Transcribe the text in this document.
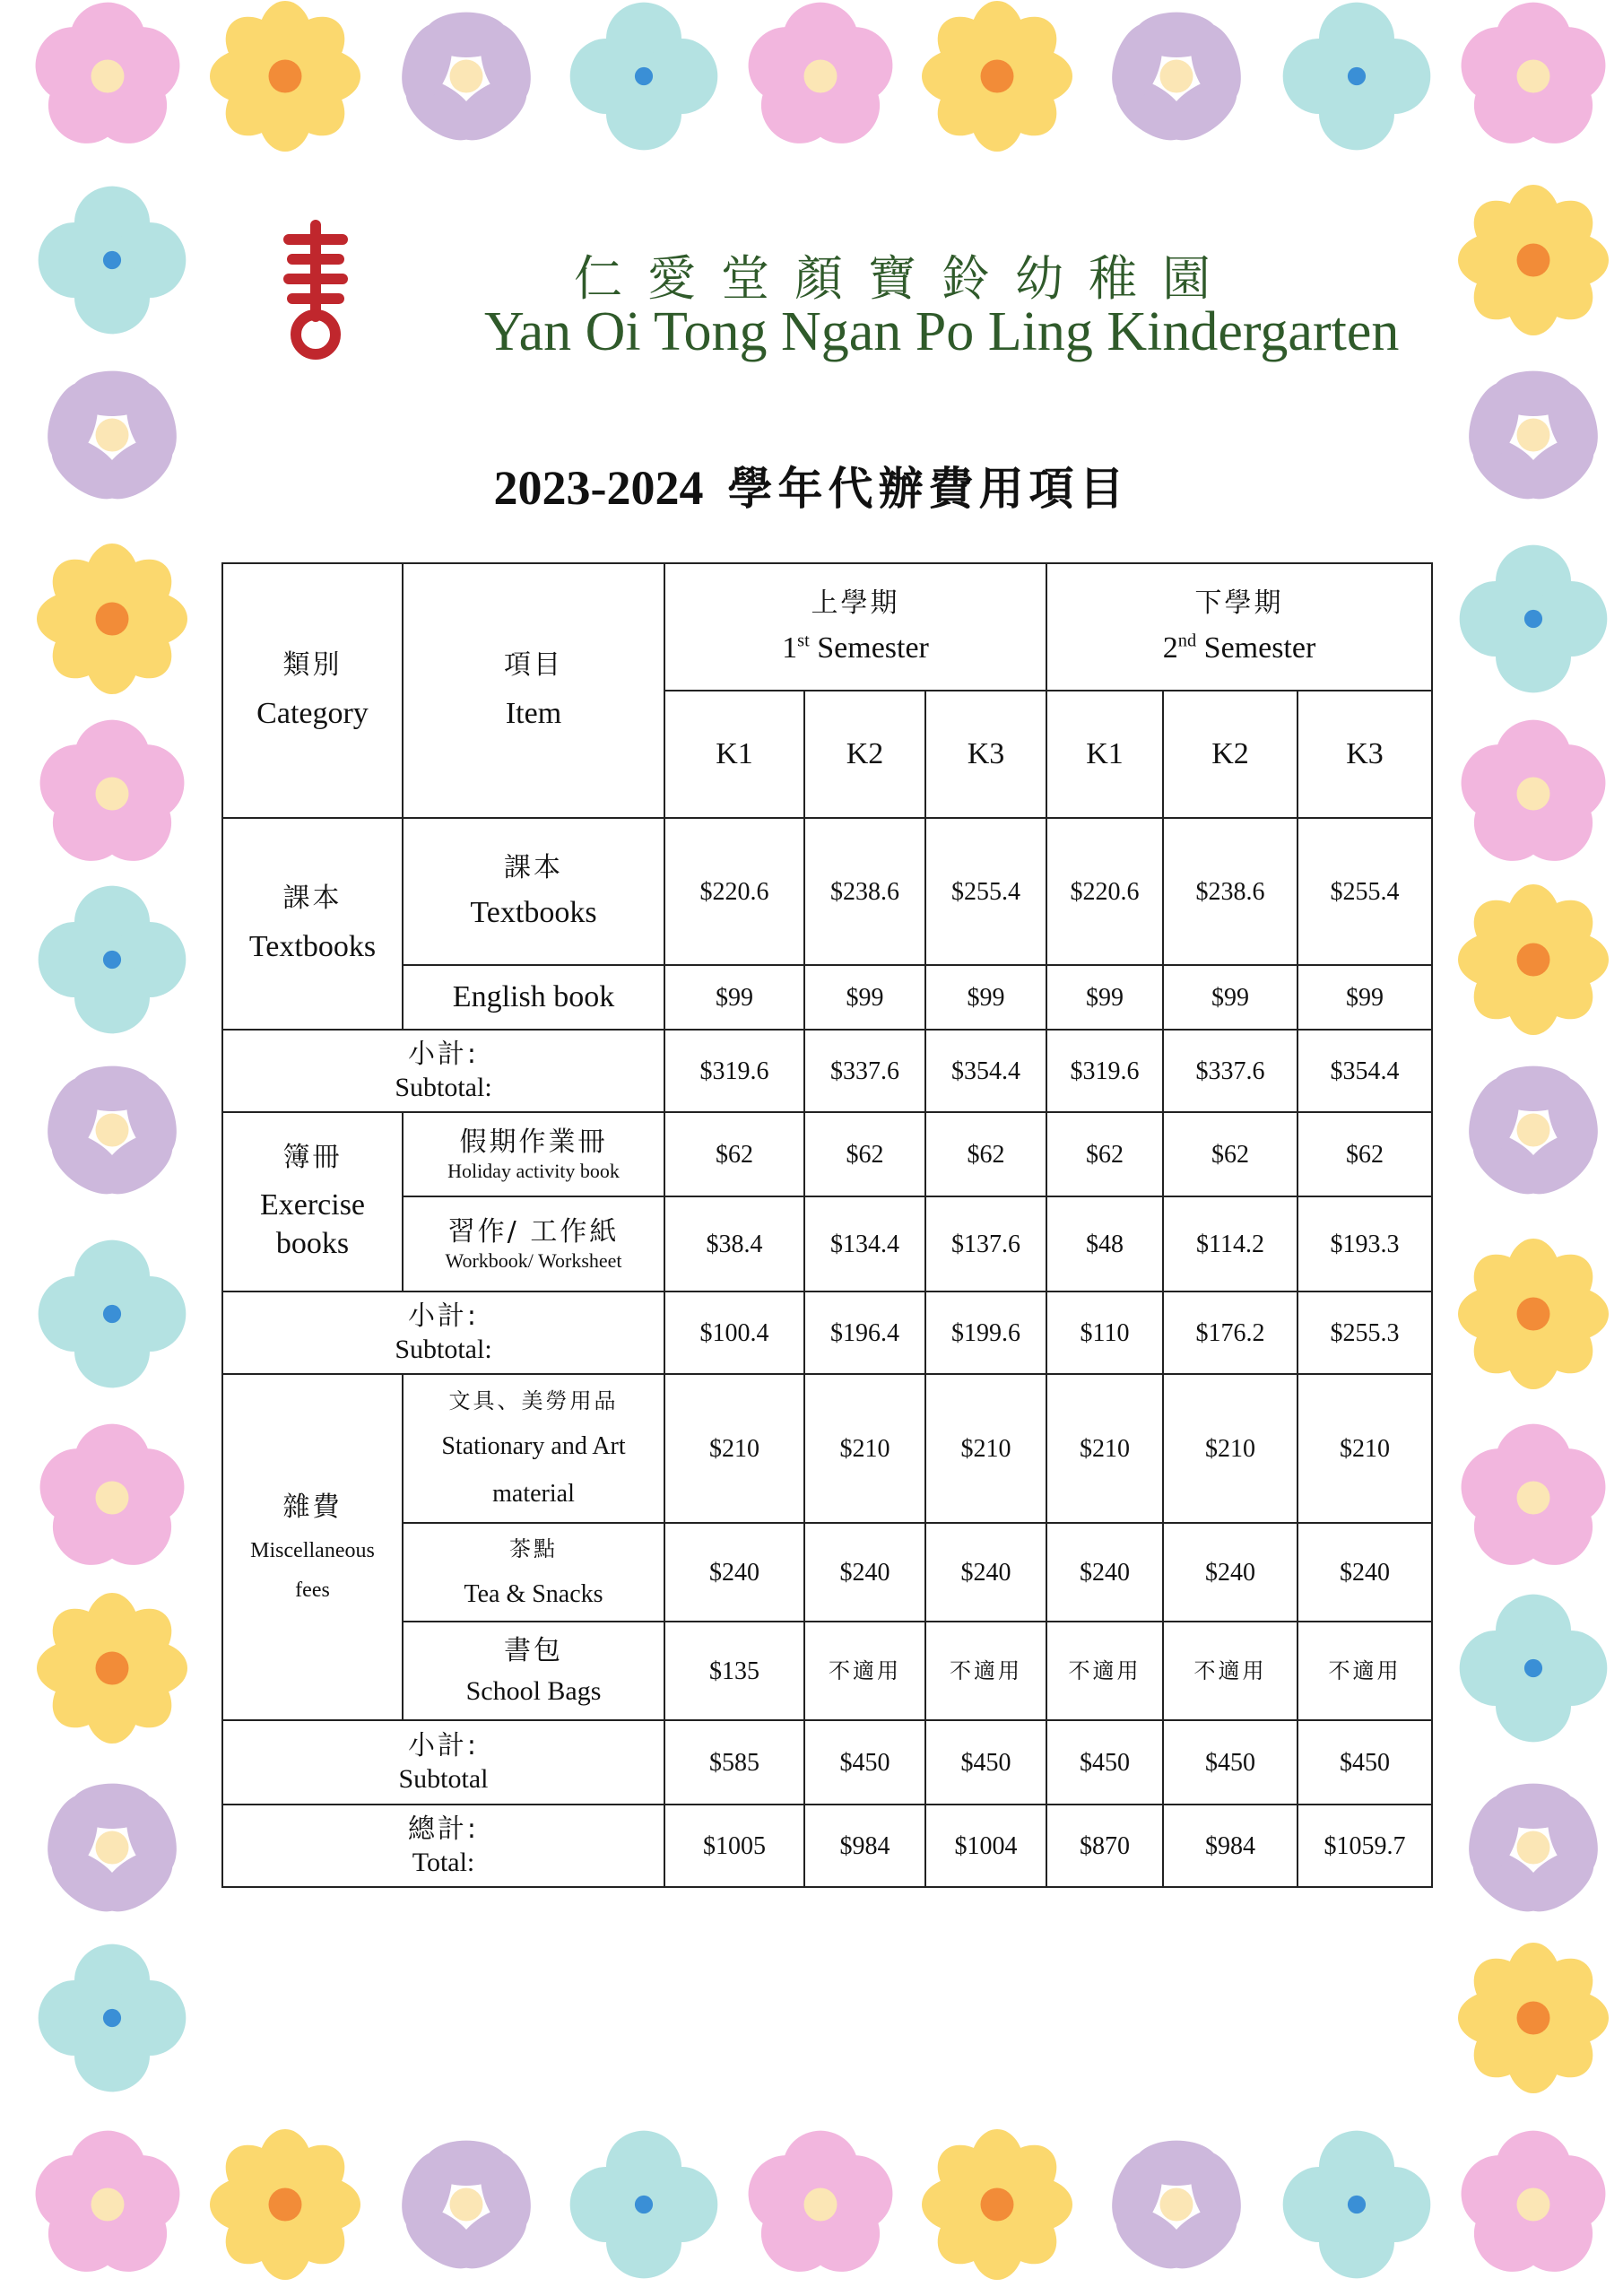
仁愛堂顏寶鈴幼稚園
Yan Oi Tong Ngan Po Ling Kindergarten
2023-2024 學年代辦費用項目
類別
Category	項目
Item	上學期
1st Semester			下學期
2nd Semester		

		K1	K2	K3	K1	K2	K3

課本
Textbooks	課本
Textbooks	$220.6	$238.6	$255.4	$220.6	$238.6	$255.4
	English book	$99	$99	$99	$99	$99	$99

小計:
Subtotal:		$319.6	$337.6	$354.4	$319.6	$337.6	$354.4

簿冊
Exercise
books	假期作業冊
Holiday activity book	$62	$62	$62	$62	$62	$62

	習作/ 工作紙
Workbook/ Worksheet	$38.4	$134.4	$137.6	$48	$114.2	$193.3

小計:
Subtotal:		$100.4	$196.4	$199.6	$110	$176.2	$255.3

雜費
Miscellaneous
fees	文具、美勞用品
Stationary and Art
material	$210	$210	$210	$210	$210	$210

	茶點
Tea & Snacks	$240	$240	$240	$240	$240	$240

	書包
School Bags	$135	不適用	不適用	不適用	不適用	不適用

小計:
Subtotal		$585	$450	$450	$450	$450	$450

總計:
Total:		$1005	$984	$1004	$870	$984	$1059.7
